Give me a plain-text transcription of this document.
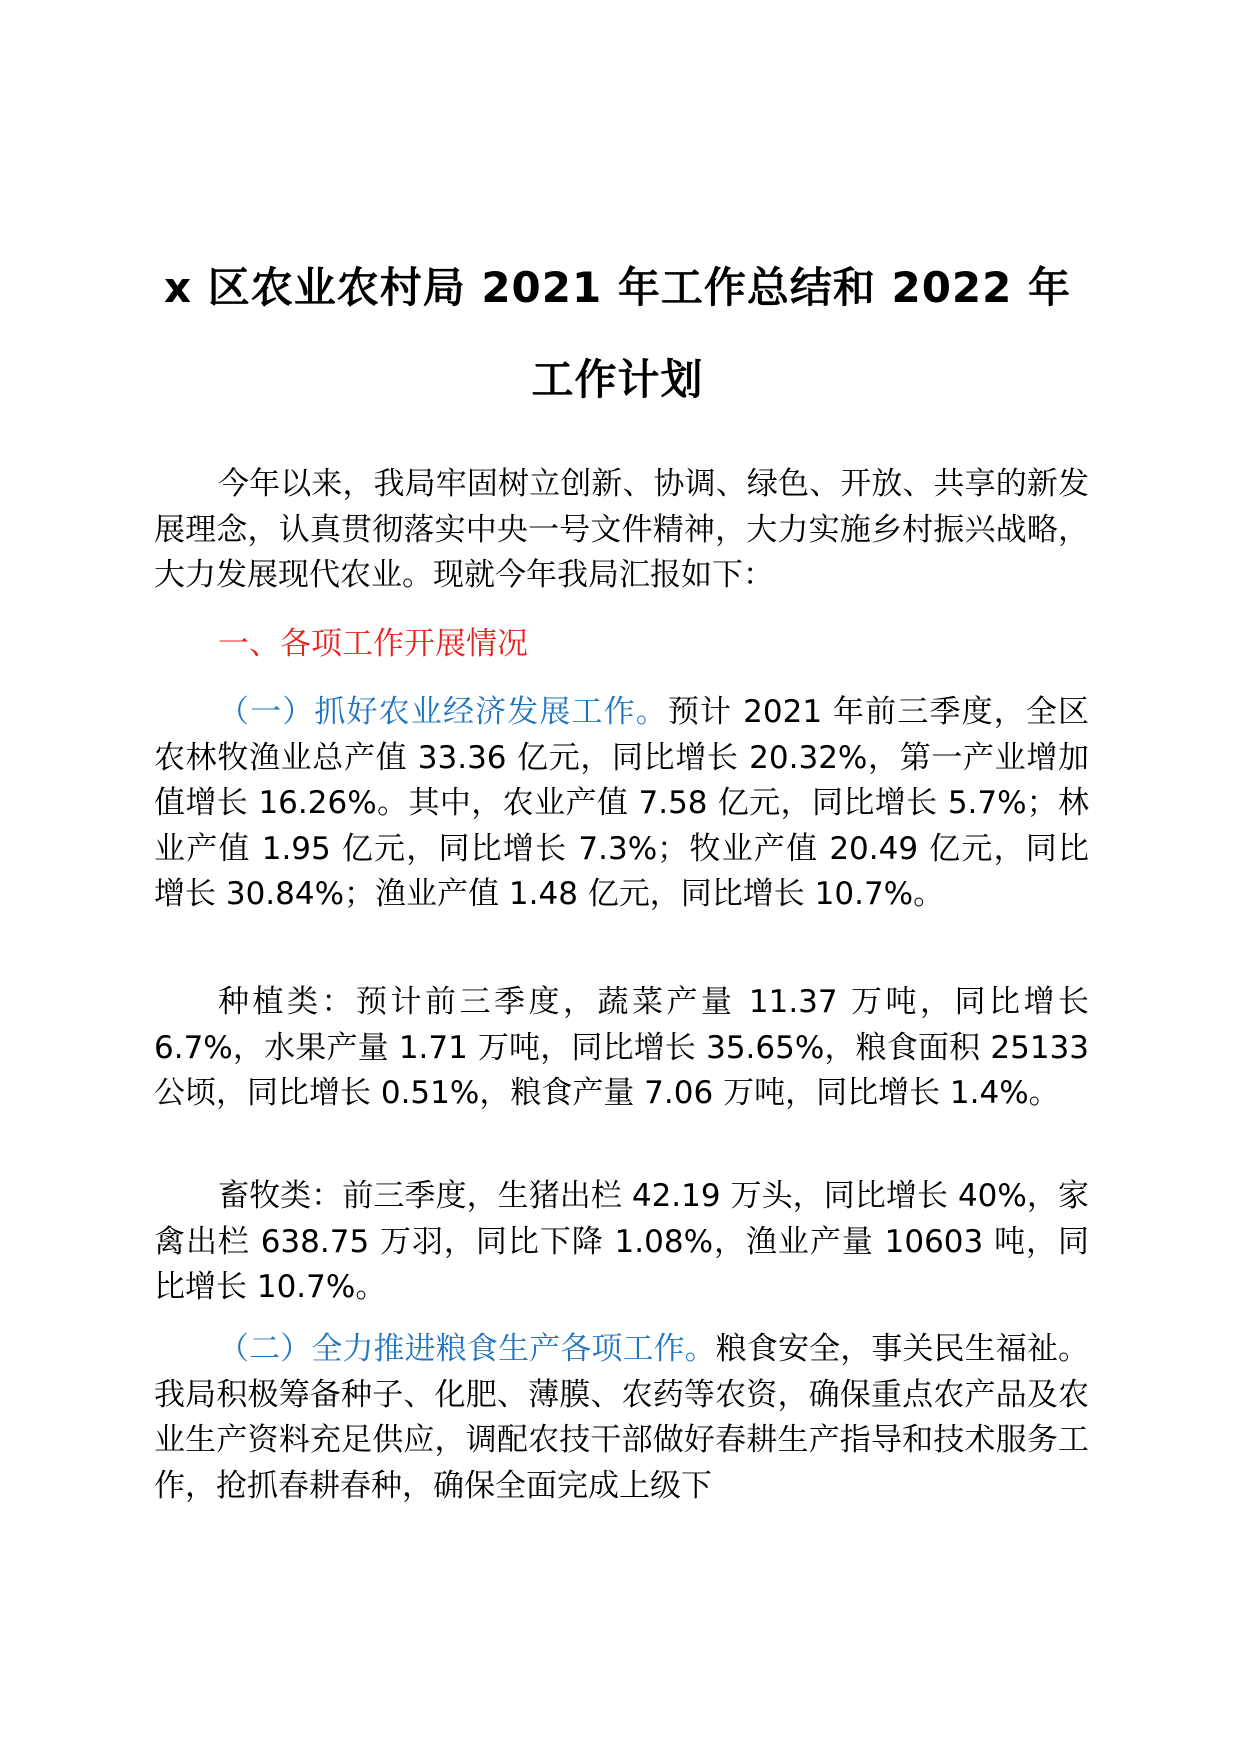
x 区农业农村局 2021 年工作总结和 2022 年
工作计划

今年以来，我局牢固树立创新、协调、绿色、开放、共享的新发展理念，认真贯彻落实中央一号文件精神，大力实施乡村振兴战略，大力发展现代农业。现就今年我局汇报如下：

一、各项工作开展情况

（一）抓好农业经济发展工作。预计 2021 年前三季度，全区农林牧渔业总产值 33.36 亿元，同比增长 20.32%，第一产业增加值增长 16.26%。其中，农业产值 7.58 亿元，同比增长 5.7%；林业产值 1.95 亿元，同比增长 7.3%；牧业产值 20.49 亿元，同比增长 30.84%；渔业产值 1.48 亿元，同比增长 10.7%。

种植类：预计前三季度，蔬菜产量 11.37 万吨，同比增长 6.7%，水果产量 1.71 万吨，同比增长 35.65%，粮食面积 25133 公顷，同比增长 0.51%，粮食产量 7.06 万吨，同比增长 1.4%。

畜牧类：前三季度，生猪出栏 42.19 万头，同比增长 40%，家禽出栏 638.75 万羽，同比下降 1.08%，渔业产量 10603 吨，同比增长 10.7%。

（二）全力推进粮食生产各项工作。粮食安全，事关民生福祉。我局积极筹备种子、化肥、薄膜、农药等农资，确保重点农产品及农业生产资料充足供应，调配农技干部做好春耕生产指导和技术服务工作，抢抓春耕春种，确保全面完成上级下
